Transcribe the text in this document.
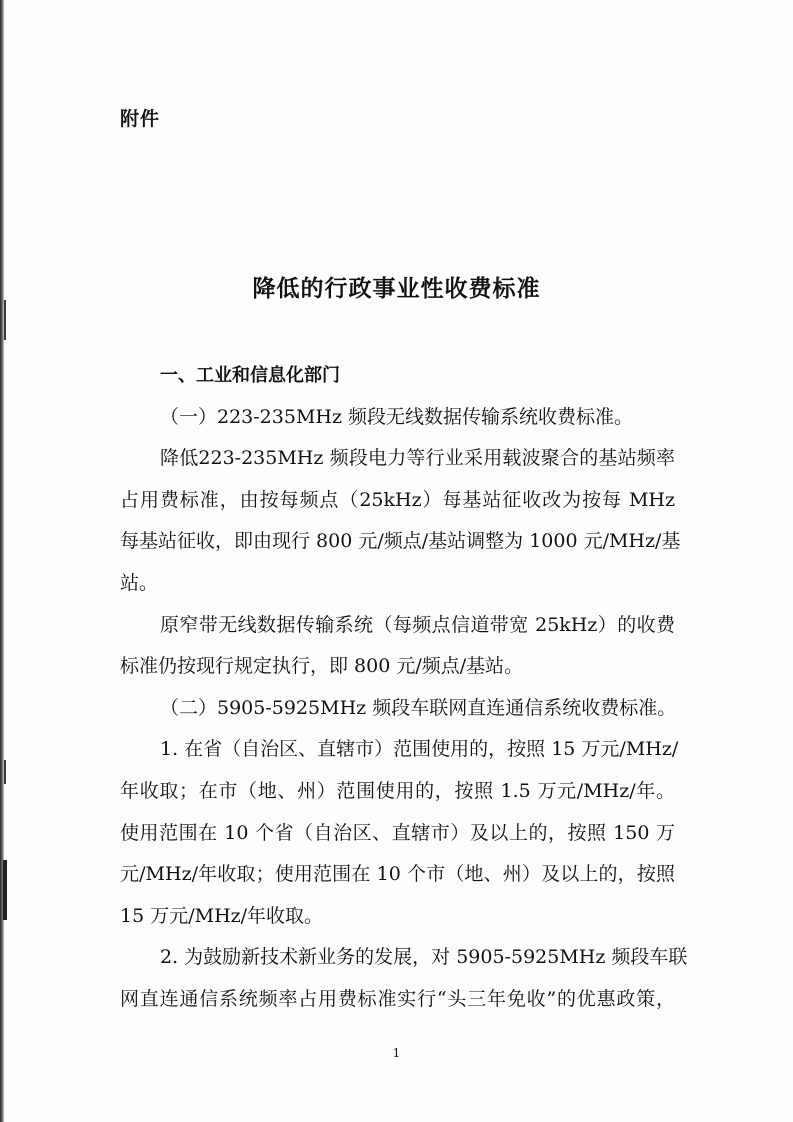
附件
降低的行政事业性收费标准
一、工业和信息化部门
（一）223-235MHz 频段无线数据传输系统收费标准。
降低223-235MHz 频段电力等行业采用载波聚合的基站频率
占用费标准，由按每频点（25kHz）每基站征收改为按每 MHz
每基站征收，即由现行 800 元/频点/基站调整为 1000 元/MHz/基
站。
原窄带无线数据传输系统（每频点信道带宽 25kHz）的收费
标准仍按现行规定执行，即 800 元/频点/基站。
（二）5905-5925MHz 频段车联网直连通信系统收费标准。
1. 在省（自治区、直辖市）范围使用的，按照 15 万元/MHz/
年收取；在市（地、州）范围使用的，按照 1.5 万元/MHz/年。
使用范围在 10 个省（自治区、直辖市）及以上的，按照 150 万
元/MHz/年收取；使用范围在 10 个市（地、州）及以上的，按照
15 万元/MHz/年收取。
2. 为鼓励新技术新业务的发展，对 5905-5925MHz 频段车联
网直连通信系统频率占用费标准实行“头三年免收”的优惠政策，
1
